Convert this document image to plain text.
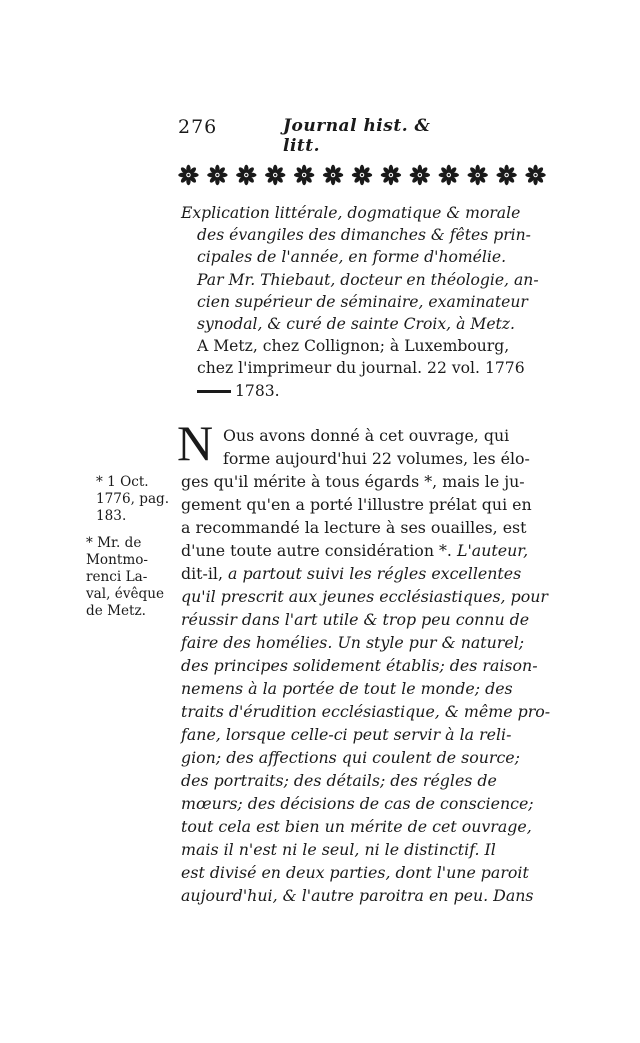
276	Journal hist. & litt.
Explication littérale, dogmatique & morale
des évangiles des dimanches & fêtes prin-
cipales de l'année, en forme d'homélie.
Par Mr. Thiebaut, docteur en théologie, an-
cien supérieur de séminaire, examinateur
synodal, & curé de sainte Croix, à Metz.
A Metz, chez Collignon; à Luxembourg,
chez l'imprimeur du journal. 22 vol. 1776
1783.
N Ous avons donné à cet ouvrage, qui
forme aujourd'hui 22 volumes, les élo-
ges qu'il mérite à tous égards *, mais le ju-
gement qu'en a porté l'illustre prélat qui en
a recommandé la lecture à ses ouailles, est
d'une toute autre considération *. L'auteur,
dit-il, a partout suivi les régles excellentes
qu'il prescrit aux jeunes ecclésiastiques, pour
réussir dans l'art utile & trop peu connu de
faire des homélies. Un style pur & naturel;
des principes solidement établis; des raison-
nemens à la portée de tout le monde; des
traits d'érudition ecclésiastique, & même pro-
fane, lorsque celle-ci peut servir à la reli-
gion; des affections qui coulent de source;
des portraits; des détails; des régles de
mœurs; des décisions de cas de conscience;
tout cela est bien un mérite de cet ouvrage,
mais il n'est ni le seul, ni le distinctif. Il
est divisé en deux parties, dont l'une paroit
aujourd'hui, & l'autre paroitra en peu. Dans
* 1 Oct.
1776, pag.
183.
* Mr. de
Montmo-
renci La-
val, évêque
de Metz.
